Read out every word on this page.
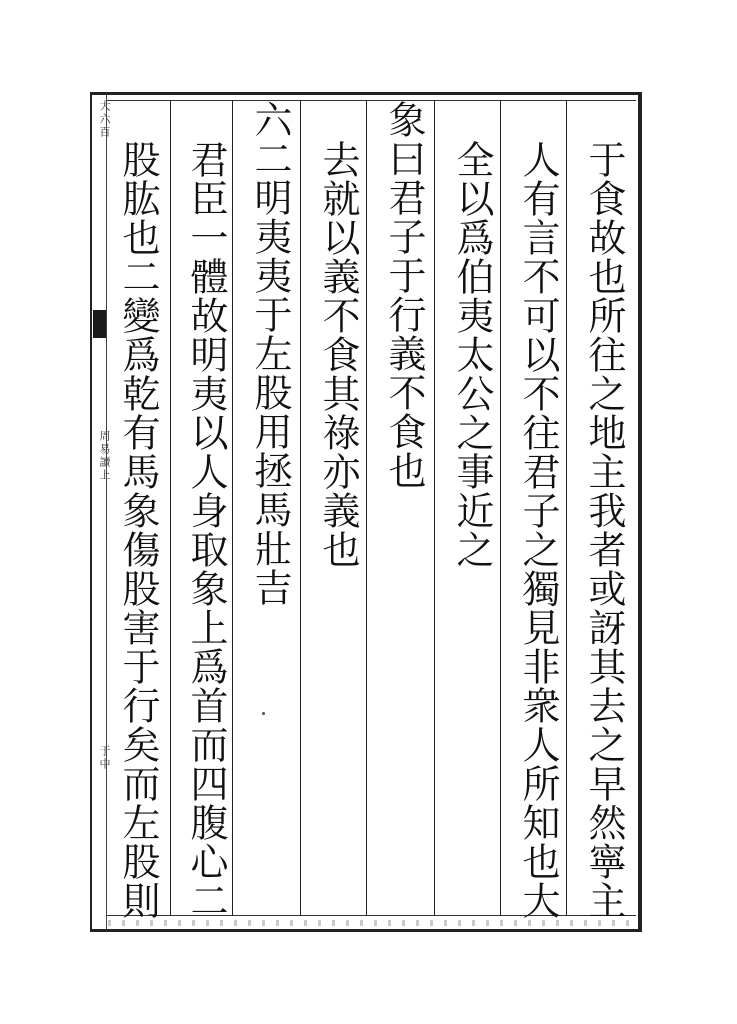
大六百
周易讀上
于中	于食故也所往之地主我者或訝其去之早然寧主
人有言不可以不往君子之獨見非衆人所知也大
全以爲伯夷太公之事近之
象曰君子于行義不食也
去就以義不食其祿亦義也
六二明夷夷于左股用拯馬壯吉
君臣一體故明夷以人身取象上爲首而四腹心二
股肱也二變爲乾有馬象傷股害于行矣而左股則
